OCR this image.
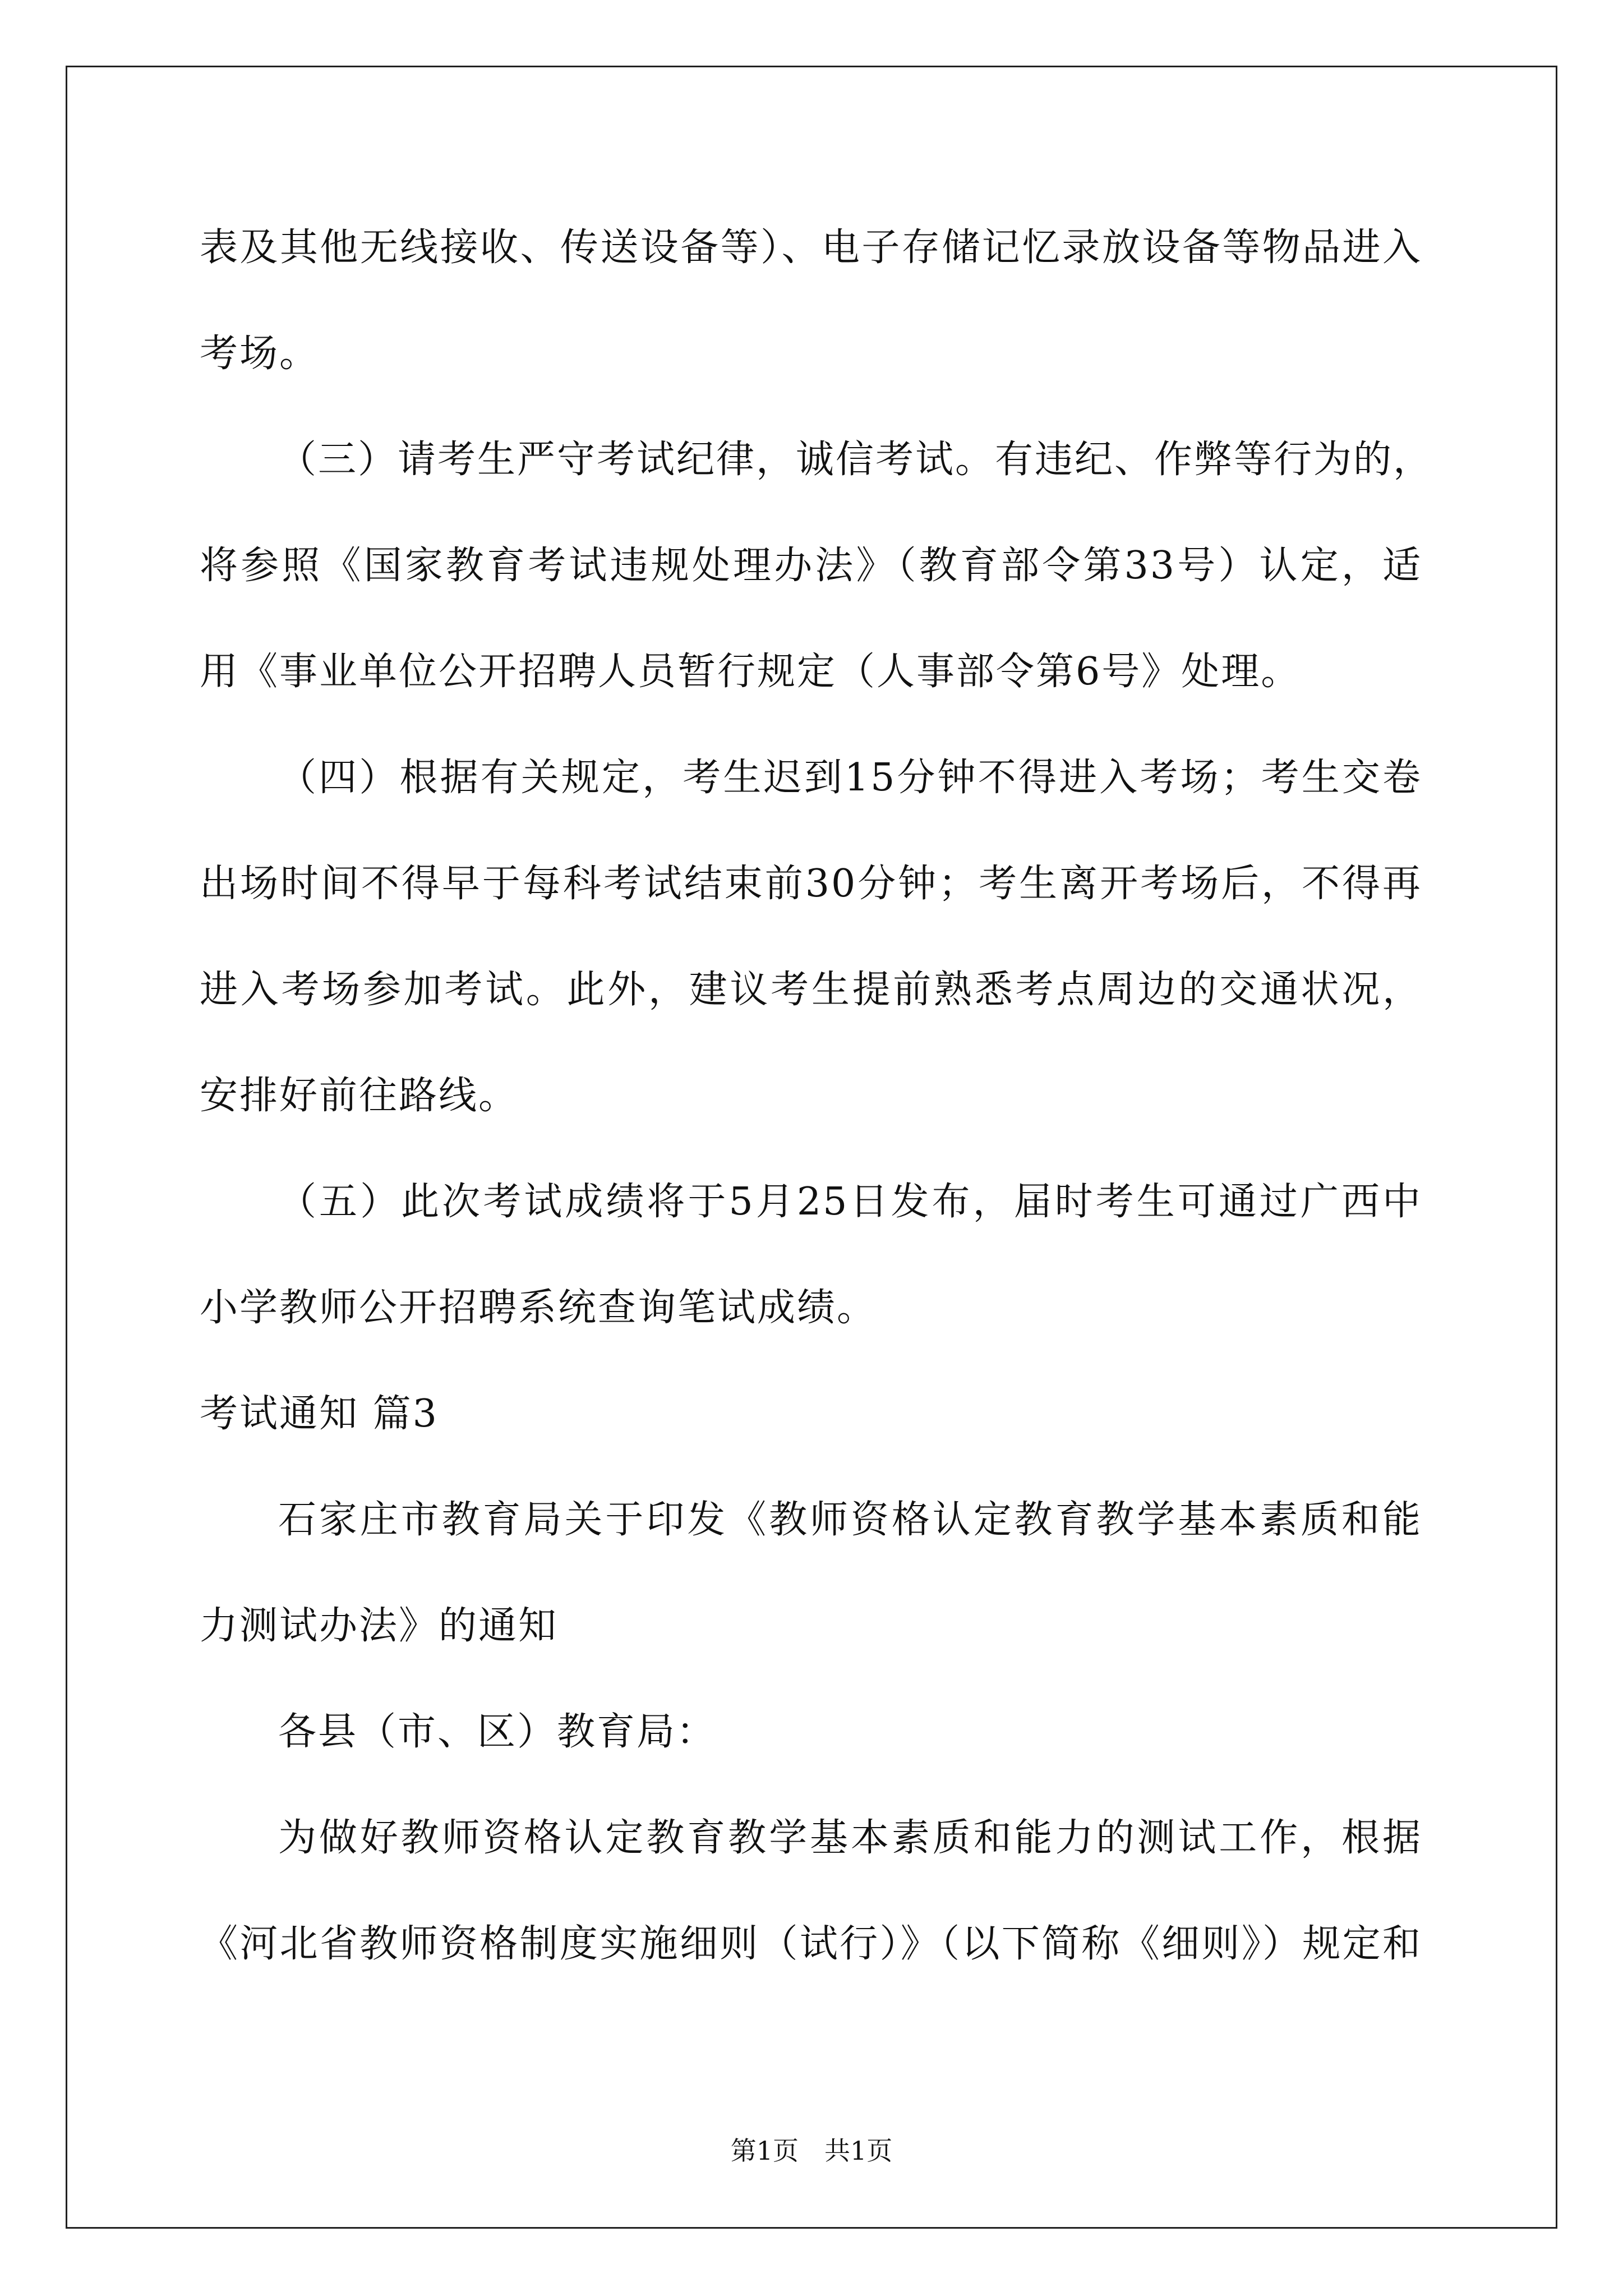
表及其他无线接收、传送设备等）、电子存储记忆录放设备等物品进入
考场。
（三）请考生严守考试纪律，诚信考试。有违纪、作弊等行为的，
将参照《国家教育考试违规处理办法》（教育部令第33号）认定，适
用《事业单位公开招聘人员暂行规定（人事部令第6号》处理。
（四）根据有关规定，考生迟到15分钟不得进入考场；考生交卷
出场时间不得早于每科考试结束前30分钟；考生离开考场后，不得再
进入考场参加考试。此外，建议考生提前熟悉考点周边的交通状况，
安排好前往路线。
（五）此次考试成绩将于5月25日发布，届时考生可通过广西中
小学教师公开招聘系统查询笔试成绩。
考试通知 篇3
石家庄市教育局关于印发《教师资格认定教育教学基本素质和能
力测试办法》的通知
各县（市、区）教育局：
为做好教师资格认定教育教学基本素质和能力的测试工作，根据
《河北省教师资格制度实施细则（试行）》（以下简称《细则》）规定和
第1页　共1页
